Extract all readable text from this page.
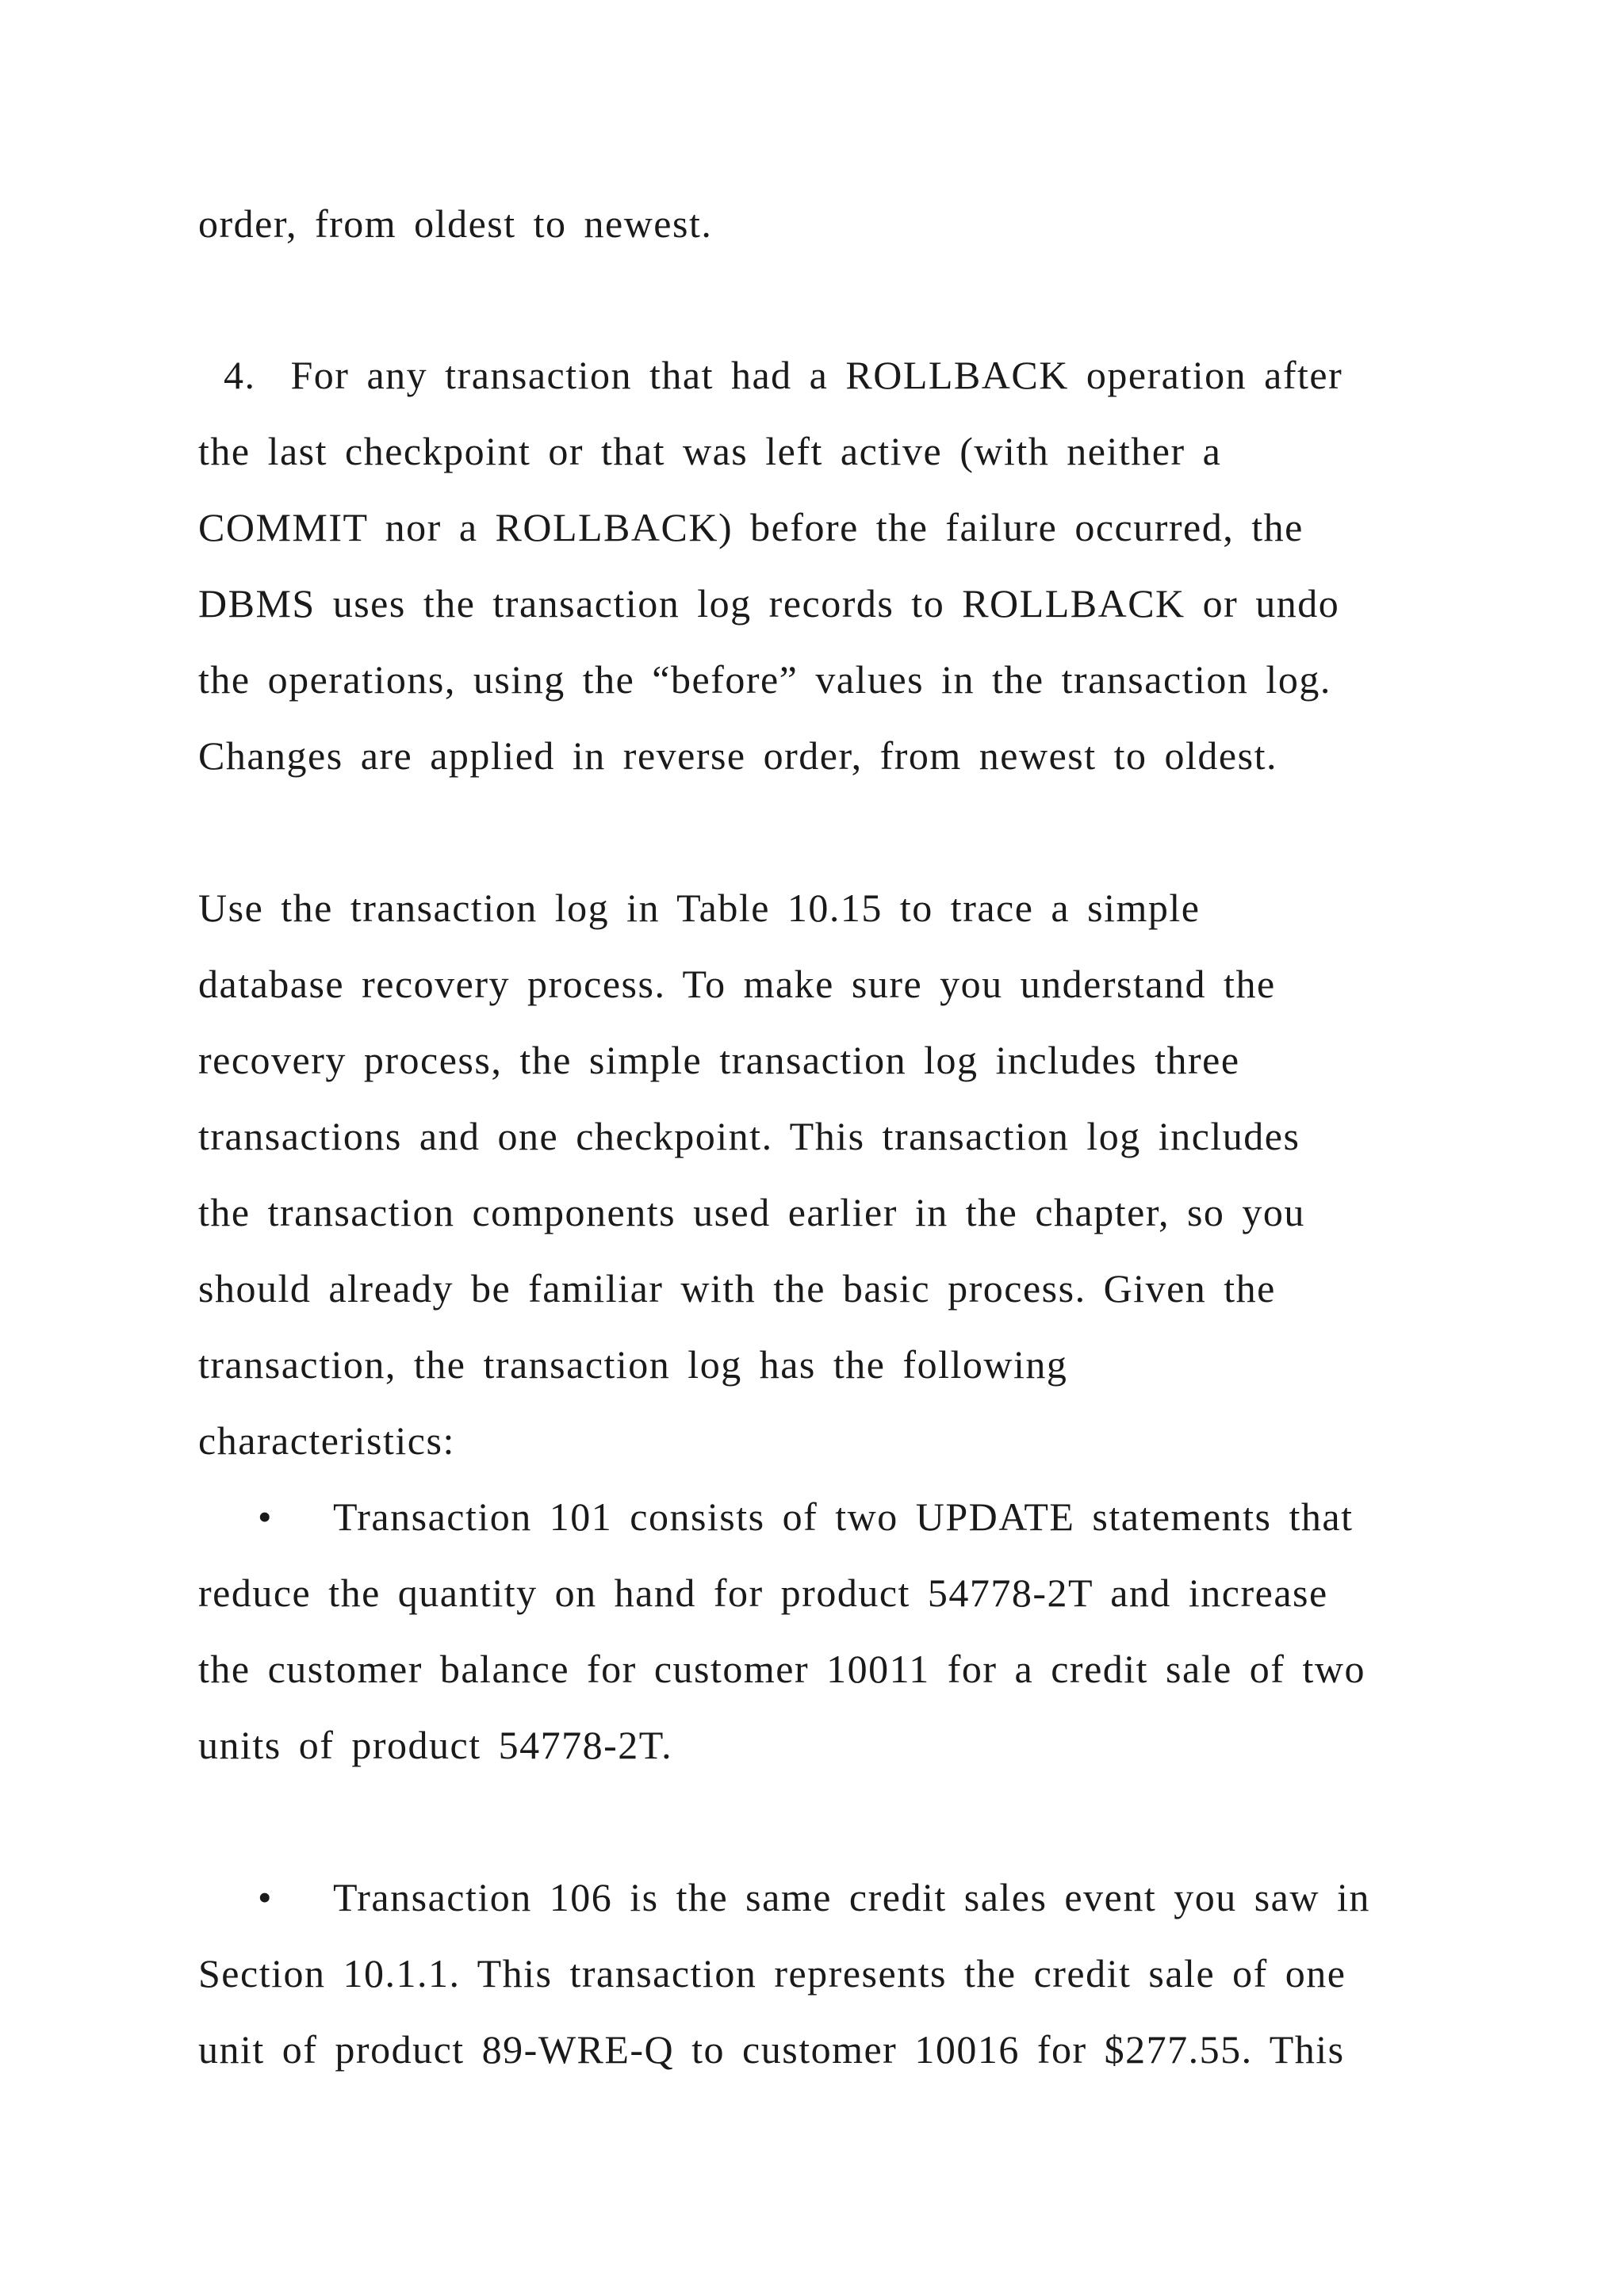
order, from oldest to newest.
4.  For any transaction that had a ROLLBACK operation after
the last checkpoint or that was left active (with neither a
COMMIT nor a ROLLBACK) before the failure occurred, the
DBMS uses the transaction log records to ROLLBACK or undo
the operations, using the “before” values in the transaction log.
Changes are applied in reverse order, from newest to oldest.
Use the transaction log in Table 10.15 to trace a simple
database recovery process. To make sure you understand the
recovery process, the simple transaction log includes three
transactions and one checkpoint. This transaction log includes
the transaction components used earlier in the chapter, so you
should already be familiar with the basic process. Given the
transaction, the transaction log has the following
characteristics:
• Transaction 101 consists of two UPDATE statements that
reduce the quantity on hand for product 54778-2T and increase
the customer balance for customer 10011 for a credit sale of two
units of product 54778-2T.
• Transaction 106 is the same credit sales event you saw in
Section 10.1.1. This transaction represents the credit sale of one
unit of product 89-WRE-Q to customer 10016 for $277.55. This
